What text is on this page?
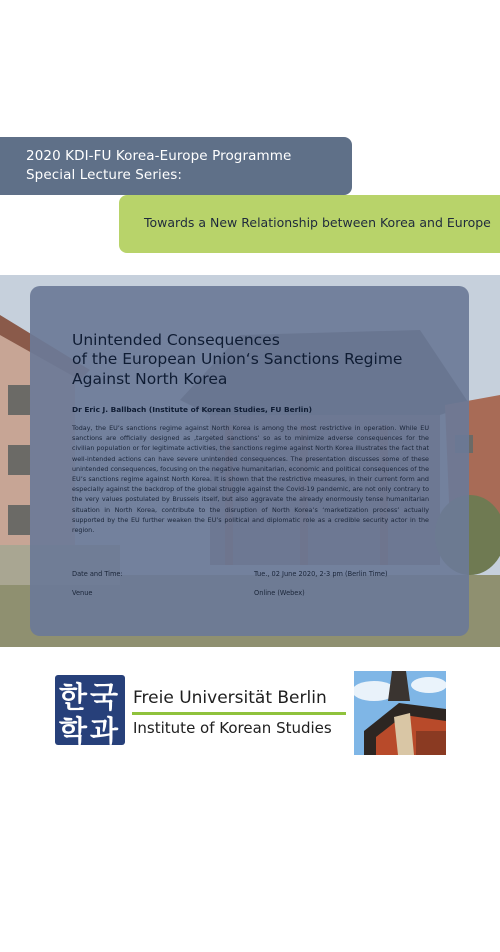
2020 KDI-FU Korea-Europe Programme
Special Lecture Series:
Towards a New Relationship between Korea and Europe
Unintended Consequences
of the European Union‘s Sanctions Regime
Against North Korea
Dr Eric J. Ballbach (Institute of Korean Studies, FU Berlin)
Today, the EU’s sanctions regime against North Korea is among the most restrictive in operation. While EU sanctions are officially designed as ‚targeted sanctions’ so as to minimize adverse consequences for the civilian population or for legitimate activities, the sanctions regime against North Korea illustrates the fact that well-intended actions can have severe unintended consequences. The presentation discusses some of these unintended consequences, focusing on the negative humanitarian, economic and political consequences of the EU’s sanctions regime against North Korea. It is shown that the restrictive measures, in their current form and especially against the backdrop of the global struggle against the Covid-19 pandemic, are not only contrary to the very values postulated by Brussels itself, but also aggravate the already enormously tense humanitarian situation in North Korea, contribute to the disruption of North Korea’s ‘marketization process’ actually supported by the EU further weaken the EU’s political and diplomatic role as a credible security actor in the region.
Date and Time:	Tue., 02 June 2020, 2-3 pm (Berlin Time)
Venue	Online (Webex)
한 국
학 과
Freie Universität Berlin
Institute of Korean Studies
